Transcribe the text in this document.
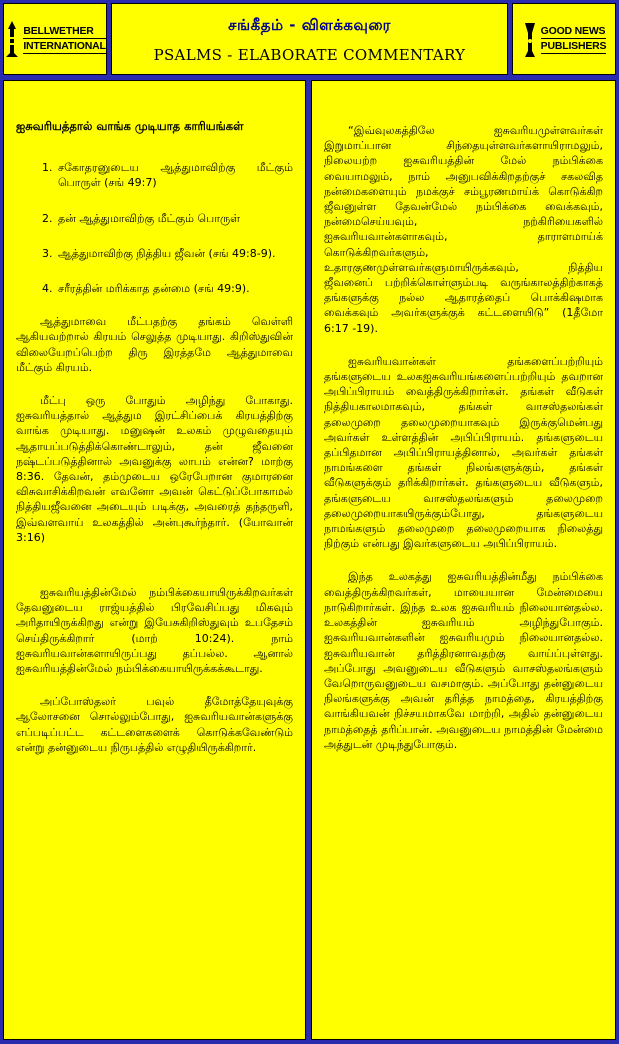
BELLWETHER
INTERNATIONAL
சங்கீதம் - விளக்கவுரை
PSALMS - ELABORATE COMMENTARY
GOOD NEWS
PUBLISHERS
ஐசுவரியத்தால் வாங்க முடியாத காரியங்கள்
1. சகோதரனுடைய ஆத்துமாவிற்கு மீட்கும் பொருள் (சங் 49:7)
2. தன் ஆத்துமாவிற்கு மீட்கும் பொருள்
3. ஆத்துமாவிற்கு நித்திய ஜீவன் (சங் 49:8-9).
4. சரீரத்தின் மரிக்காத தன்மை (சங் 49:9).

ஆத்துமாவை மீட்பதற்கு தங்கம் வெள்ளி ஆகியவற்றால் கிரயம் செலுத்த முடியாது. கிறிஸ்துவின் விலையேறப்பெற்ற திரு இரத்தமே ஆத்துமாவை மீட்கும் கிரயம்.

மீட்பு ஒரு போதும் அழிந்து போகாது. ஐசுவரியத்தால் ஆத்தும இரட்சிப்பைக் கிரயத்திற்கு வாங்க முடியாது. மனுஷன் உலகம் முழுவதையும் ஆதாயப்படுத்திக்கொண்டாலும், தன் ஜீவனை நஷ்டப்படுத்தினால் அவனுக்கு லாபம் என்ன? மாற்கு 8:36. தேவன், தம்முடைய ஒரேபேறான குமாரனை விசுவாசிக்கிறவன் எவனோ அவன் கெட்டுப்போகாமல் நித்தியஜீவனை அடையும் படிக்கு, அவரைத் தந்தருளி, இவ்வளவாய் உலகத்தில் அன்புகூர்ந்தார். (யோவான் 3:16)

ஐசுவரியத்தின்மேல் நம்பிக்கையாயிருக்கிறவர்கள் தேவனுடைய ராஜ்யத்தில் பிரவேசிப்பது மிகவும் அரிதாயிருக்கிறது என்று இயேசுகிறிஸ்துவும் உபதேசம் செய்திருக்கிறார் (மாற் 10:24). நாம் ஐசுவரியவான்களாயிருப்பது தப்பல்ல. ஆனால் ஐசுவரியத்தின்மேல் நம்பிக்கையாயிருக்கக்கூடாது.

அப்போஸ்தலர் பவுல் தீமோத்தேயுவுக்கு ஆலோசனை சொல்லும்போது, ஐசுவரியவான்களுக்கு எப்படிப்பட்ட கட்டளைகளைக் கொடுக்கவேண்டும் என்று தன்னுடைய நிருபத்தில் எழுதியிருக்கிறார்.

“இவ்வுலகத்திலே ஐசுவரியமுள்ளவர்கள் இறுமாப்பான சிந்தையுள்ளவர்களாயிராமலும், நிலையற்ற ஐசுவரியத்தின் மேல் நம்பிக்கை வையாமலும், நாம் அனுபவிக்கிறதற்குச் சகலவித நன்மைகளையும் நமக்குச் சம்பூரணமாய்க் கொடுக்கிற ஜீவனுள்ள தேவன்மேல் நம்பிக்கை வைக்கவும், நன்மைசெய்யவும், நற்கிரியைகளில் ஐசுவரியவான்களாகவும், தாராளமாய்க் கொடுக்கிறவர்களும், உதாரகுணமுள்ளவர்களுமாயிருக்கவும், நித்திய ஜீவனைப் பற்றிக்கொள்ளும்படி வருங்காலத்திற்காகத் தங்களுக்கு நல்ல ஆதாரத்தைப் பொக்கிஷமாக வைக்கவும் அவர்களுக்குக் கட்டளையிடு” (1தீமோ 6:17 -19).

ஐசுவரியவான்கள் தங்களைப்பற்றியும் தங்களுடைய உலகஐசுவரியங்களைப்பற்றியும் தவறான அபிப்பிராயம் வைத்திருக்கிறார்கள். தங்கள் வீடுகள் நித்தியகாலமாகவும், தங்கள் வாசஸ்தலங்கள் தலைமுறை தலைமுறையாகவும் இருக்குமென்பது அவர்கள் உள்ளத்தின் அபிப்பிராயம். தங்களுடைய தப்பிதமான அபிப்பிராயத்தினால், அவர்கள் தங்கள் நாமங்களை தங்கள் நிலங்களுக்கும், தங்கள் வீடுகளுக்கும் தரிக்கிறார்கள். தங்களுடைய வீடுகளும், தங்களுடைய வாசஸ்தலங்களும் தலைமுறை தலைமுறையாகயிருக்கும்போது, தங்களுடைய நாமங்களும் தலைமுறை தலைமுறையாக நிலைத்து நிற்கும் என்பது இவர்களுடைய அபிப்பிராயம்.

இந்த உலகத்து ஐசுவரியத்தின்மீது நம்பிக்கை வைத்திருக்கிறவர்கள், மாயையான மேன்மையை நாடுகிறார்கள். இந்த உலக ஐசுவரியம் நிலையானதல்ல. உலகத்தின் ஐசுவரியம் அழிந்துபோகும். ஐசுவரியவான்களின் ஐசுவரியமும் நிலையானதல்ல. ஐசுவரியவான் தரித்திரனாவதற்கு வாய்ப்புள்ளது. அப்போது அவனுடைய வீடுகளும் வாசஸ்தலங்களும் வேறொருவனுடைய வசமாகும். அப்போது தன்னுடைய நிலங்களுக்கு அவன் தரித்த நாமத்தை, கிரயத்திற்கு வாங்கியவன் நிச்சயமாகவே மாற்றி, அதில் தன்னுடைய நாமத்தைத் தரிப்பான். அவனுடைய நாமத்தின் மேன்மை அத்துடன் முடிந்துபோகும்.
